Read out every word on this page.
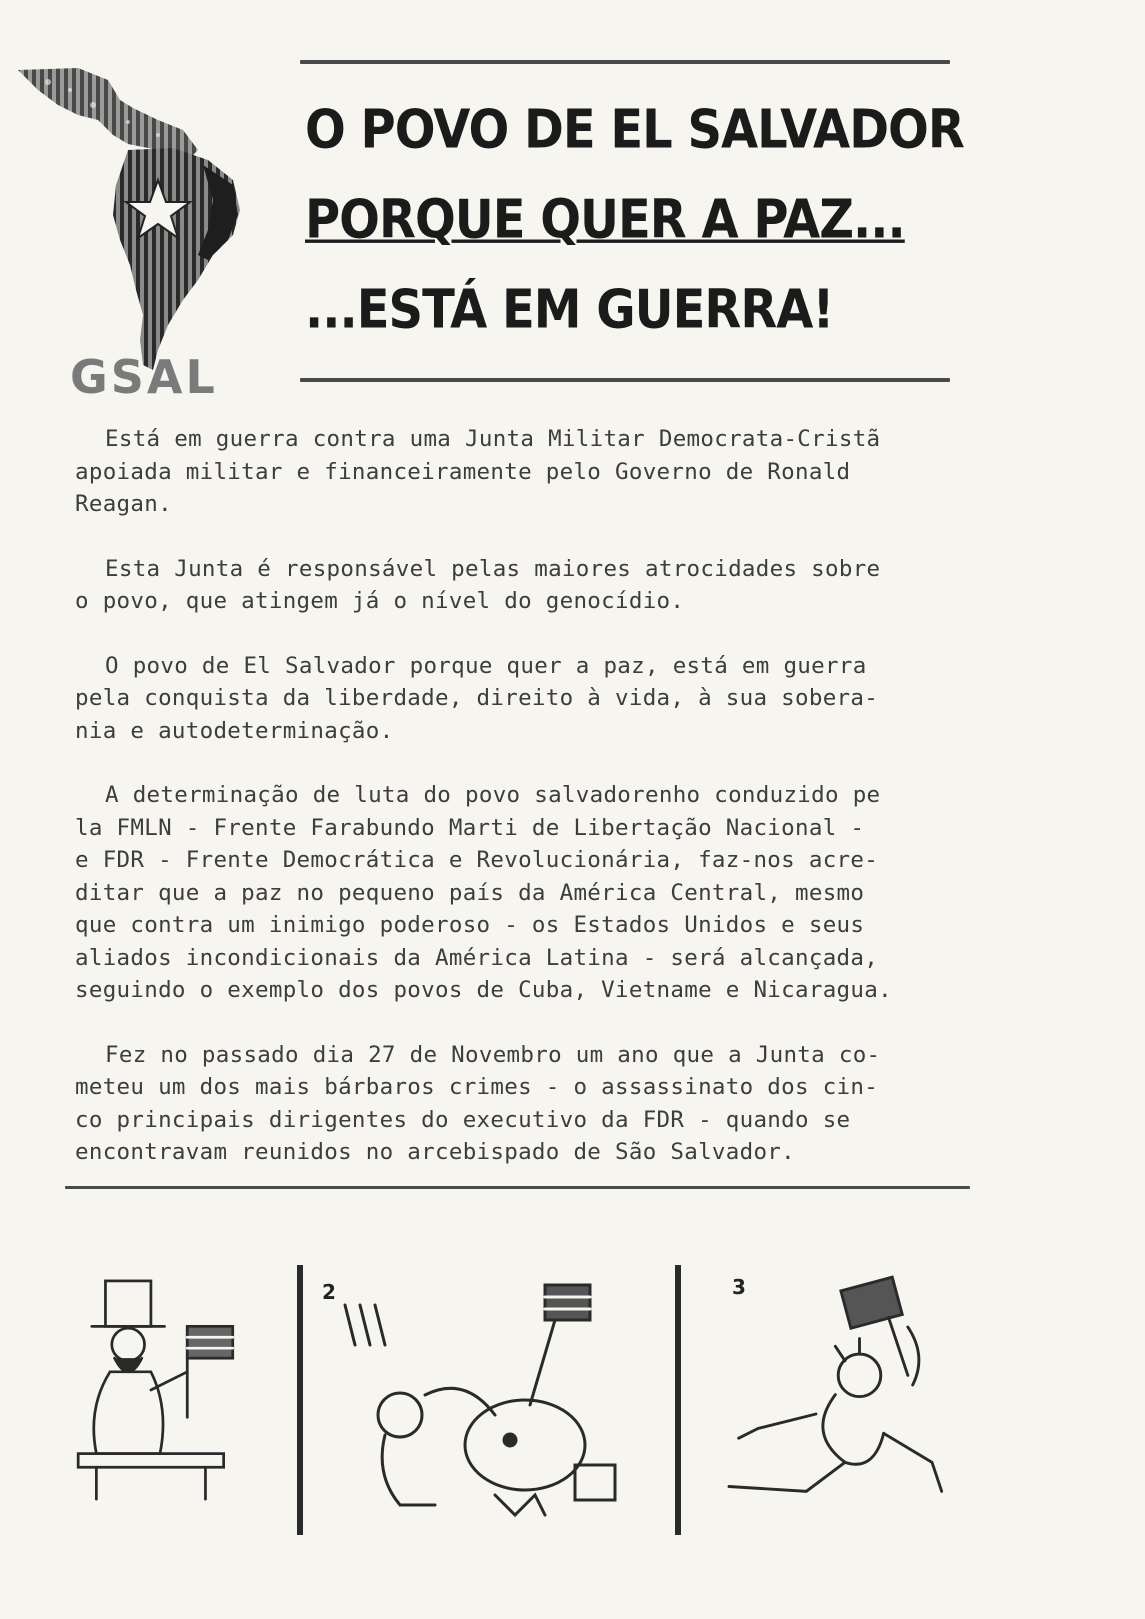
GSAL
O POVO DE EL SALVADOR
PORQUE QUER A PAZ...
...ESTÁ EM GUERRA!

Está em guerra contra uma Junta Militar Democrata-Cristã
apoiada militar e financeiramente pelo Governo de Ronald
Reagan.

Esta Junta é responsável pelas maiores atrocidades sobre
o povo, que atingem já o nível do genocídio.

O povo de El Salvador porque quer a paz, está em guerra
pela conquista da liberdade, direito à vida, à sua sobera-
nia e autodeterminação.

A determinação de luta do povo salvadorenho conduzido pe
la FMLN - Frente Farabundo Marti de Libertação Nacional -
e FDR - Frente Democrática e Revolucionária, faz-nos acre-
ditar que a paz no pequeno país da América Central, mesmo
que contra um inimigo poderoso - os Estados Unidos e seus
aliados incondicionais da América Latina - será alcançada,
seguindo o exemplo dos povos de Cuba, Vietname e Nicaragua.

Fez no passado dia 27 de Novembro um ano que a Junta co-
meteu um dos mais bárbaros crimes - o assassinato dos cin-
co principais dirigentes do executivo da FDR - quando se
encontravam reunidos no arcebispado de São Salvador.

2	3
